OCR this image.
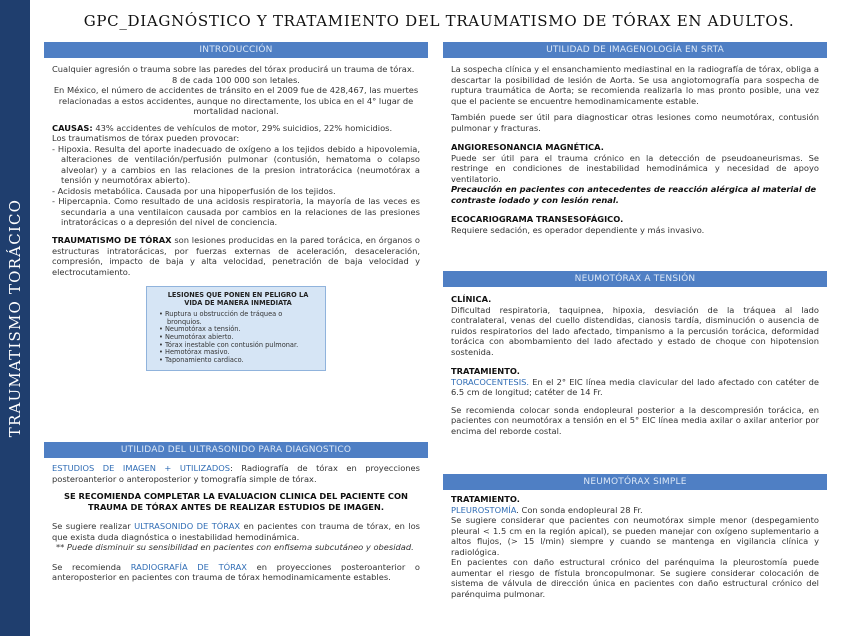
TRAUMATISMO TORÁCICO
GPC_DIAGNÓSTICO Y TRATAMIENTO DEL TRAUMATISMO DE TÓRAX EN ADULTOS.
INTRODUCCIÓN

Cualquier agresión o trauma sobre las paredes del tórax producirá un trauma de tórax.

8 de cada 100 000 son letales.

En México, el número de accidentes de tránsito en el 2009 fue de 428,467, las muertes relacionadas a estos accidentes, aunque no directamente, los ubica en el 4° lugar de mortalidad nacional.

CAUSAS: 43% accidentes de vehículos de motor, 29% suicidios, 22% homicidios.

Los traumatismos de tórax pueden provocar:

- Hipoxia. Resulta del aporte inadecuado de oxígeno a los tejidos debido a hipovolemia, alteraciones de ventilación/perfusión pulmonar (contusión, hematoma o colapso alveolar) y a cambios en las relaciones de la presion intratorácica (neumotórax a tensión y neumotórax abierto).

- Acidosis metabólica. Causada por una hipoperfusión de los tejidos.

- Hipercapnia. Como resultado de una acidosis respiratoria, la mayoría de las veces es secundaria a una ventilaicon causada por cambios en la relaciones de las presiones intratorácicas o a depresión del nivel de conciencia.

TRAUMATISMO DE TÓRAX son lesiones producidas en la pared torácica, en órganos o estructuras intratorácicas, por fuerzas externas de aceleración, desaceleración, compresión, impacto de baja y alta velocidad, penetración de baja velocidad y electrocutamiento.

LESIONES QUE PONEN EN PELIGRO LA VIDA DE MANERA INMEDIATA

• Ruptura u obstrucción de tráquea o bronquios.

• Neumotórax a tensión.

• Neumotórax abierto.

• Tórax inestable con contusión pulmonar.

• Hemotórax masivo.

• Taponamiento cardiaco.

UTILIDAD DEL ULTRASONIDO PARA DIAGNOSTICO

ESTUDIOS DE IMAGEN + UTILIZADOS: Radiografía de tórax en proyecciones posteroanterior o anteroposterior y tomografía simple de tórax.

SE RECOMIENDA COMPLETAR LA EVALUACION CLINICA DEL PACIENTE CON TRAUMA DE TÓRAX ANTES DE REALIZAR ESTUDIOS DE IMAGEN.

Se sugiere realizar ULTRASONIDO DE TÓRAX en pacientes con trauma de tórax, en los que exista duda diagnóstica o inestabilidad hemodinámica.

** Puede disminuir su sensibilidad en pacientes con enfisema subcutáneo y obesidad.

Se recomienda RADIOGRAFÍA DE TÓRAX en proyecciones posteroanterior o anteroposterior en pacientes con trauma de tórax hemodinamicamente estables.

UTILIDAD DE IMAGENOLOGÍA EN SRTA

La sospecha clínica y el ensanchamiento mediastinal en la radiografía de tórax, obliga a descartar la posibilidad de lesión de Aorta. Se usa angiotomografía para sospecha de ruptura traumática de Aorta; se recomienda realizarla lo mas pronto posible, una vez que el paciente se encuentre hemodinamicamente estable.

También puede ser útil para diagnosticar otras lesiones como neumotórax, contusión pulmonar y fracturas.

ANGIORESONANCIA MAGNÉTICA.

Puede ser útil para el trauma crónico en la detección de pseudoaneurismas. Se restringe en condiciones de inestabilidad hemodinámica y necesidad de apoyo ventilatorio.

Precaución en pacientes con antecedentes de reacción alérgica al material de contraste iodado y con lesión renal.

ECOCARIOGRAMA TRANSESOFÁGICO.

Requiere sedación, es operador dependiente y más invasivo.

NEUMOTÓRAX A TENSIÓN

CLÍNICA.

Dificultad respiratoria, taquipnea, hipoxia, desviación de la tráquea al lado contralateral, venas del cuello distendidas, cianosis tardía, disminución o ausencia de ruidos respiratorios del lado afectado, timpanismo a la percusión torácica, deformidad torácica con abombamiento del lado afectado y estado de choque con hipotension sostenida.

TRATAMIENTO.

TORACOCENTESIS. En el 2° EIC línea media clavicular del lado afectado con catéter de 6.5 cm de longitud; catéter de 14 Fr.

Se recomienda colocar sonda endopleural posterior a la descompresión torácica, en pacientes con neumotórax a tensión en el 5° EIC línea media axilar o axilar anterior por encima del reborde costal.

NEUMOTÓRAX SIMPLE

TRATAMIENTO.

PLEUROSTOMÍA. Con sonda endopleural 28 Fr.

Se sugiere considerar que pacientes con neumotórax simple menor (despegamiento pleural < 1.5 cm en la región apical), se pueden manejar con oxígeno suplementario a altos flujos, (> 15 l/min) siempre y cuando se mantenga en vigilancia clínica y radiológica.

En pacientes con daño estructural crónico del parénquima la pleurostomía puede aumentar el riesgo de fístula broncopulmonar. Se sugiere considerar colocación de sistema de válvula de dirección única en pacientes con daño estructural crónico del parénquima pulmonar.
